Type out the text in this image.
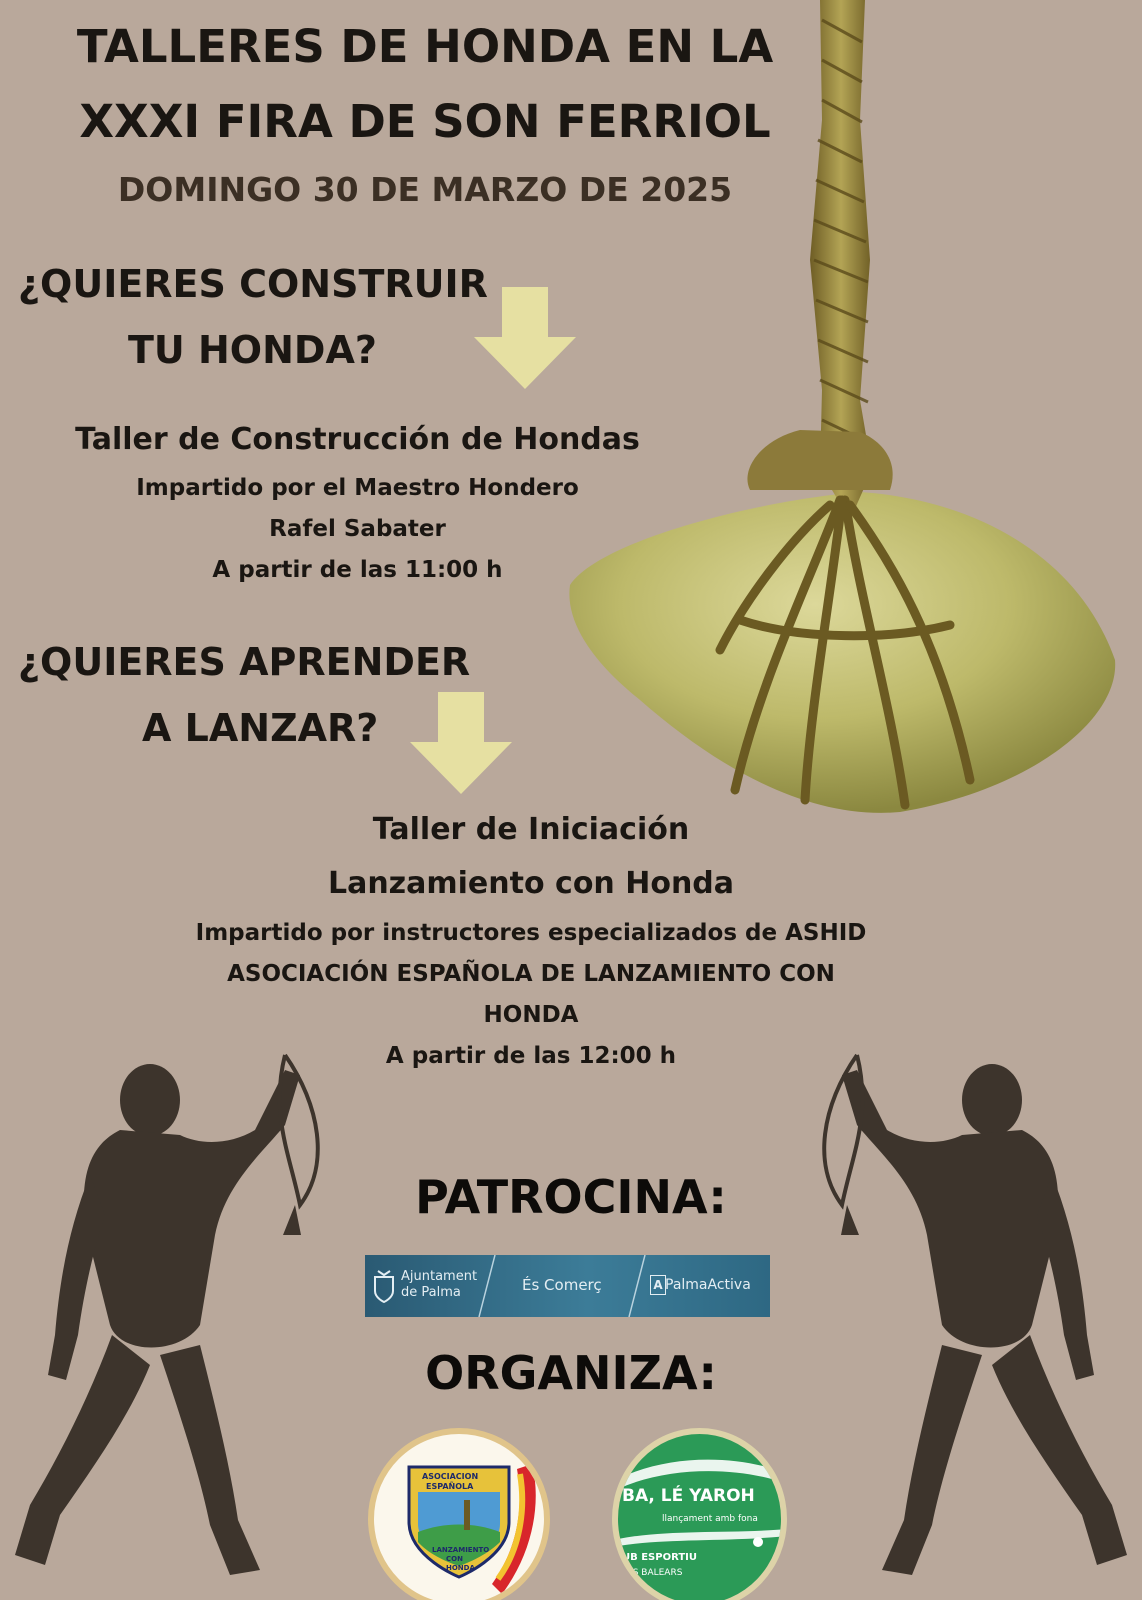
TALLERES DE HONDA EN LA
XXXI FIRA DE SON FERRIOL

DOMINGO 30 DE MARZO DE 2025

¿QUIERES CONSTRUIR

TU HONDA?

Taller de Construcción de Hondas

Impartido por el Maestro Hondero

Rafel Sabater

A partir de las 11:00 h

¿QUIERES APRENDER

A LANZAR?

Taller de Iniciación

Lanzamiento con Honda

Impartido por instructores especializados de ASHID

ASOCIACIÓN ESPAÑOLA DE LANZAMIENTO CON

HONDA

A partir de las 12:00 h

PATROCINA:

Ajuntament
de Palma	És Comerç	A PalmaActiva

ORGANIZA:

ASOCIACION
ESPAÑOLA
LANZAMIENTO
CON
HONDA
BA, LÉ YAROH
llançament amb fona
UB ESPORTIU
LES BALEARS
